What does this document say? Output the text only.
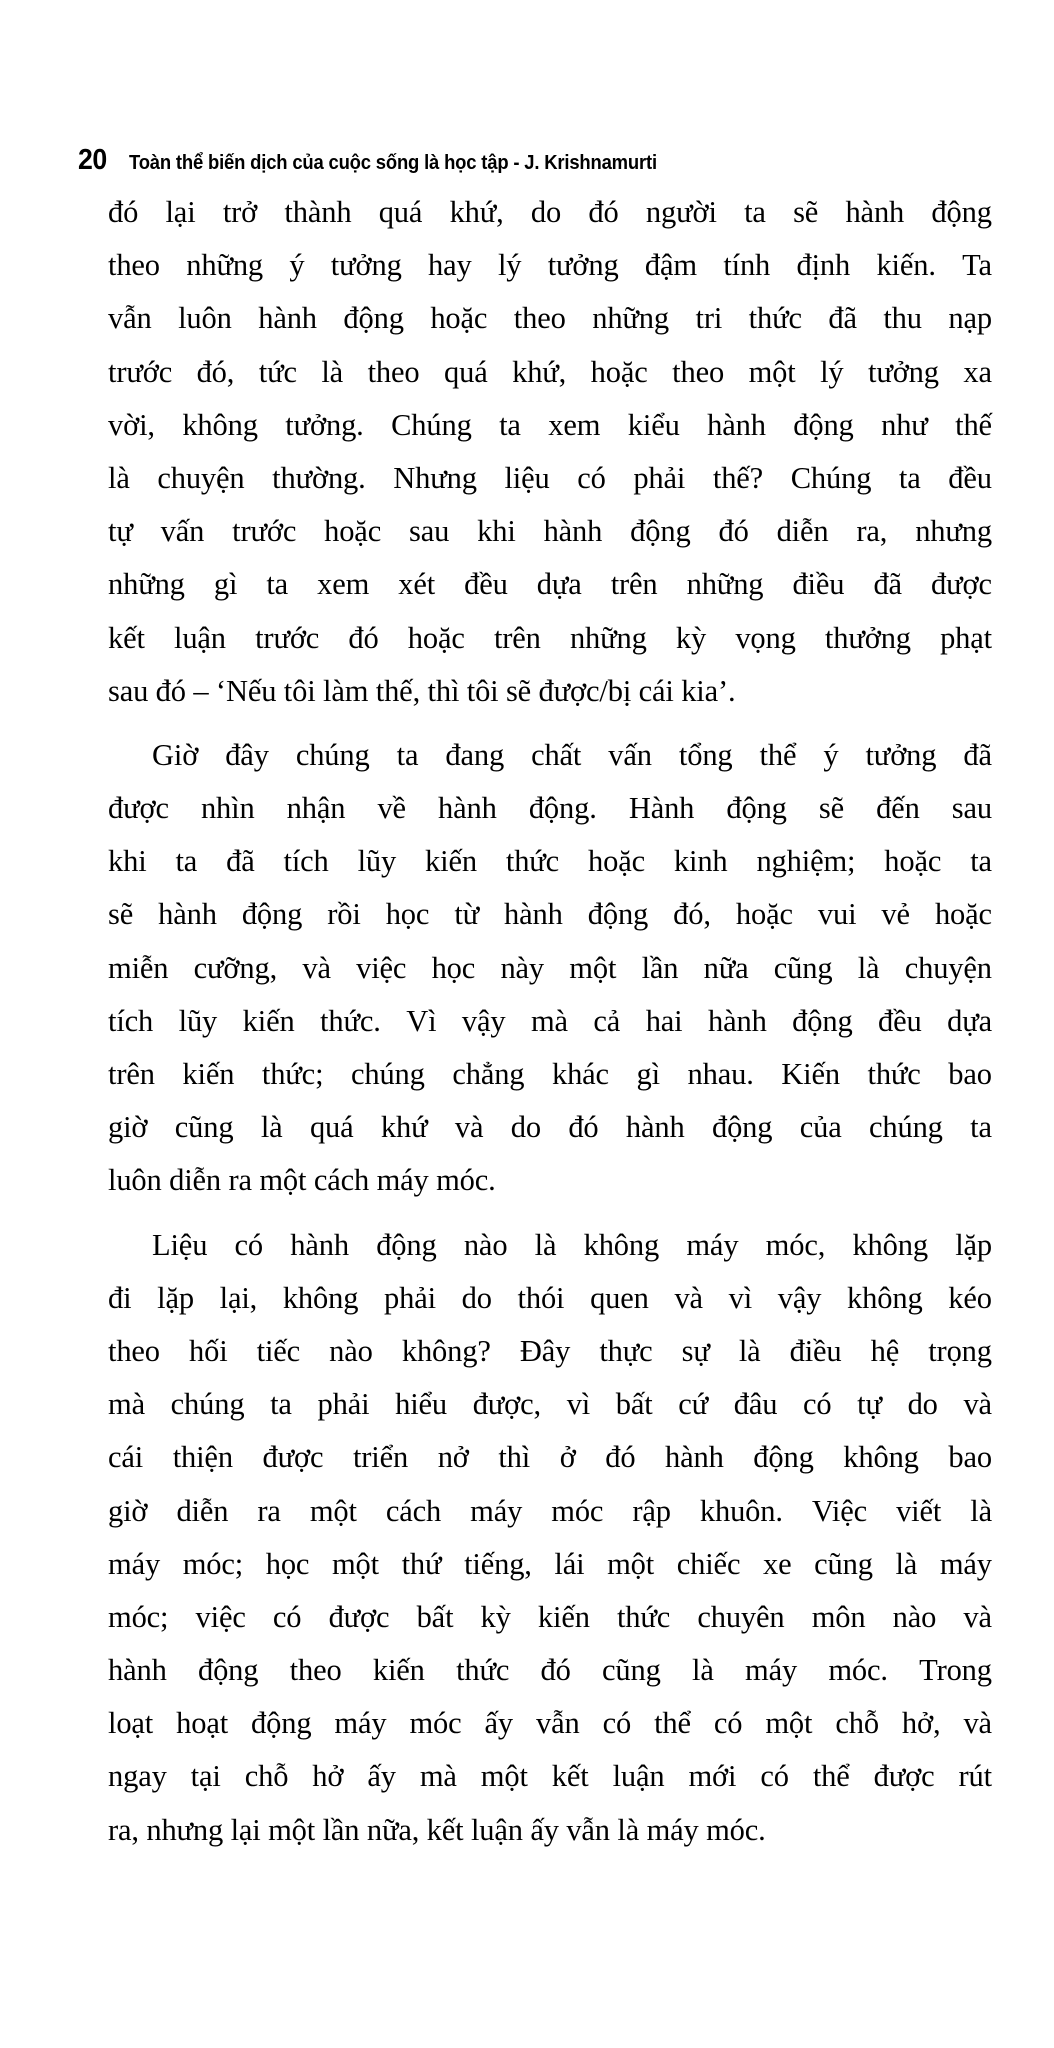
20 Toàn thể biến dịch của cuộc sống là học tập - J. Krishnamurti
đó lại trở thành quá khứ, do đó người ta sẽ hành động
theo những ý tưởng hay lý tưởng đậm tính định kiến. Ta
vẫn luôn hành động hoặc theo những tri thức đã thu nạp
trước đó, tức là theo quá khứ, hoặc theo một lý tưởng xa
vời, không tưởng. Chúng ta xem kiểu hành động như thế
là chuyện thường. Nhưng liệu có phải thế? Chúng ta đều
tự vấn trước hoặc sau khi hành động đó diễn ra, nhưng
những gì ta xem xét đều dựa trên những điều đã được
kết luận trước đó hoặc trên những kỳ vọng thưởng phạt
sau đó – ‘Nếu tôi làm thế, thì tôi sẽ được/bị cái kia’.
Giờ đây chúng ta đang chất vấn tổng thể ý tưởng đã
được nhìn nhận về hành động. Hành động sẽ đến sau
khi ta đã tích lũy kiến thức hoặc kinh nghiệm; hoặc ta
sẽ hành động rồi học từ hành động đó, hoặc vui vẻ hoặc
miễn cưỡng, và việc học này một lần nữa cũng là chuyện
tích lũy kiến thức. Vì vậy mà cả hai hành động đều dựa
trên kiến thức; chúng chẳng khác gì nhau. Kiến thức bao
giờ cũng là quá khứ và do đó hành động của chúng ta
luôn diễn ra một cách máy móc.
Liệu có hành động nào là không máy móc, không lặp
đi lặp lại, không phải do thói quen và vì vậy không kéo
theo hối tiếc nào không? Đây thực sự là điều hệ trọng
mà chúng ta phải hiểu được, vì bất cứ đâu có tự do và
cái thiện được triển nở thì ở đó hành động không bao
giờ diễn ra một cách máy móc rập khuôn. Việc viết là
máy móc; học một thứ tiếng, lái một chiếc xe cũng là máy
móc; việc có được bất kỳ kiến thức chuyên môn nào và
hành động theo kiến thức đó cũng là máy móc. Trong
loạt hoạt động máy móc ấy vẫn có thể có một chỗ hở, và
ngay tại chỗ hở ấy mà một kết luận mới có thể được rút
ra, nhưng lại một lần nữa, kết luận ấy vẫn là máy móc.
